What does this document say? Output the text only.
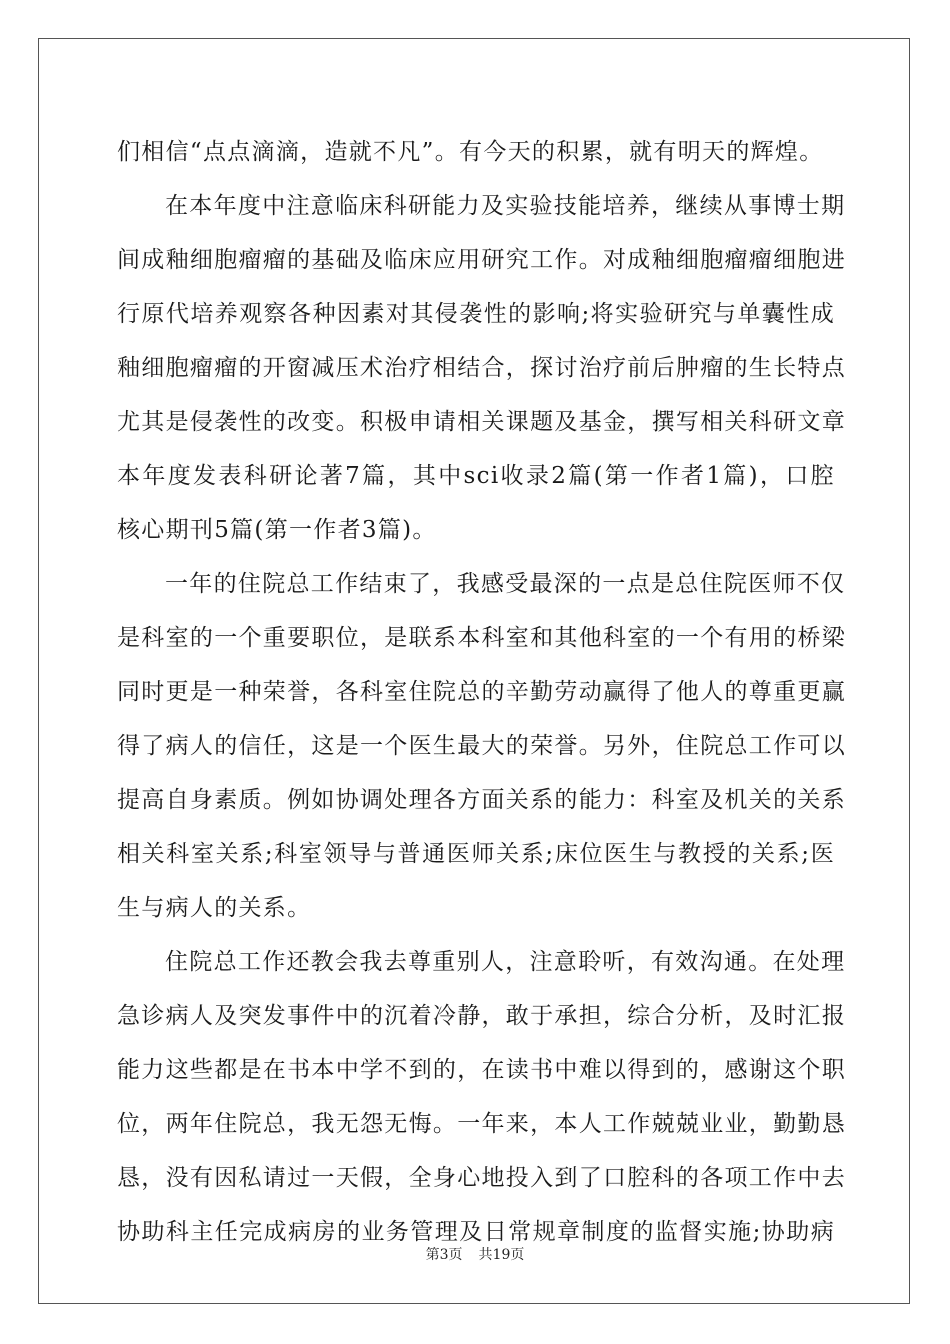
们相信“点点滴滴，造就不凡”。有今天的积累，就有明天的辉煌。
在本年度中注意临床科研能力及实验技能培养，继续从事博士期
间成釉细胞瘤瘤的基础及临床应用研究工作。对成釉细胞瘤瘤细胞进
行原代培养观察各种因素对其侵袭性的影响;将实验研究与单囊性成
釉细胞瘤瘤的开窗减压术治疗相结合，探讨治疗前后肿瘤的生长特点
尤其是侵袭性的改变。积极申请相关课题及基金，撰写相关科研文章
本年度发表科研论著7篇，其中sci收录2篇(第一作者1篇)，口腔
核心期刊5篇(第一作者3篇)。
一年的住院总工作结束了，我感受最深的一点是总住院医师不仅
是科室的一个重要职位，是联系本科室和其他科室的一个有用的桥梁
同时更是一种荣誉，各科室住院总的辛勤劳动赢得了他人的尊重更赢
得了病人的信任，这是一个医生最大的荣誉。另外，住院总工作可以
提高自身素质。例如协调处理各方面关系的能力：科室及机关的关系
相关科室关系;科室领导与普通医师关系;床位医生与教授的关系;医
生与病人的关系。
住院总工作还教会我去尊重别人，注意聆听，有效沟通。在处理
急诊病人及突发事件中的沉着冷静，敢于承担，综合分析，及时汇报
能力这些都是在书本中学不到的，在读书中难以得到的，感谢这个职
位，两年住院总，我无怨无悔。一年来，本人工作兢兢业业，勤勤恳
恳，没有因私请过一天假，全身心地投入到了口腔科的各项工作中去
协助科主任完成病房的业务管理及日常规章制度的监督实施;协助病
第3页 共19页
